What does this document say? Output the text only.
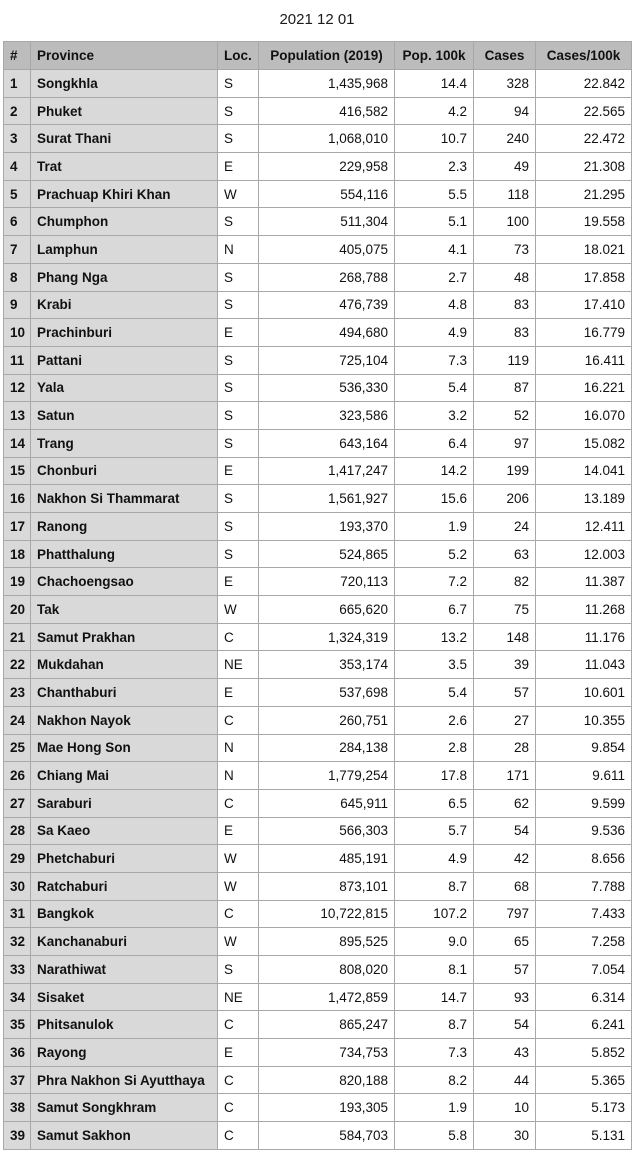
2021 12 01
#	Province	Loc.	Population (2019)	Pop. 100k	Cases	Cases/100k
1	Songkhla	S	1,435,968	14.4	328	22.842
2	Phuket	S	416,582	4.2	94	22.565
3	Surat Thani	S	1,068,010	10.7	240	22.472
4	Trat	E	229,958	2.3	49	21.308
5	Prachuap Khiri Khan	W	554,116	5.5	118	21.295
6	Chumphon	S	511,304	5.1	100	19.558
7	Lamphun	N	405,075	4.1	73	18.021
8	Phang Nga	S	268,788	2.7	48	17.858
9	Krabi	S	476,739	4.8	83	17.410
10	Prachinburi	E	494,680	4.9	83	16.779
11	Pattani	S	725,104	7.3	119	16.411
12	Yala	S	536,330	5.4	87	16.221
13	Satun	S	323,586	3.2	52	16.070
14	Trang	S	643,164	6.4	97	15.082
15	Chonburi	E	1,417,247	14.2	199	14.041
16	Nakhon Si Thammarat	S	1,561,927	15.6	206	13.189
17	Ranong	S	193,370	1.9	24	12.411
18	Phatthalung	S	524,865	5.2	63	12.003
19	Chachoengsao	E	720,113	7.2	82	11.387
20	Tak	W	665,620	6.7	75	11.268
21	Samut Prakhan	C	1,324,319	13.2	148	11.176
22	Mukdahan	NE	353,174	3.5	39	11.043
23	Chanthaburi	E	537,698	5.4	57	10.601
24	Nakhon Nayok	C	260,751	2.6	27	10.355
25	Mae Hong Son	N	284,138	2.8	28	9.854
26	Chiang Mai	N	1,779,254	17.8	171	9.611
27	Saraburi	C	645,911	6.5	62	9.599
28	Sa Kaeo	E	566,303	5.7	54	9.536
29	Phetchaburi	W	485,191	4.9	42	8.656
30	Ratchaburi	W	873,101	8.7	68	7.788
31	Bangkok	C	10,722,815	107.2	797	7.433
32	Kanchanaburi	W	895,525	9.0	65	7.258
33	Narathiwat	S	808,020	8.1	57	7.054
34	Sisaket	NE	1,472,859	14.7	93	6.314
35	Phitsanulok	C	865,247	8.7	54	6.241
36	Rayong	E	734,753	7.3	43	5.852
37	Phra Nakhon Si Ayutthaya	C	820,188	8.2	44	5.365
38	Samut Songkhram	C	193,305	1.9	10	5.173
39	Samut Sakhon	C	584,703	5.8	30	5.131
